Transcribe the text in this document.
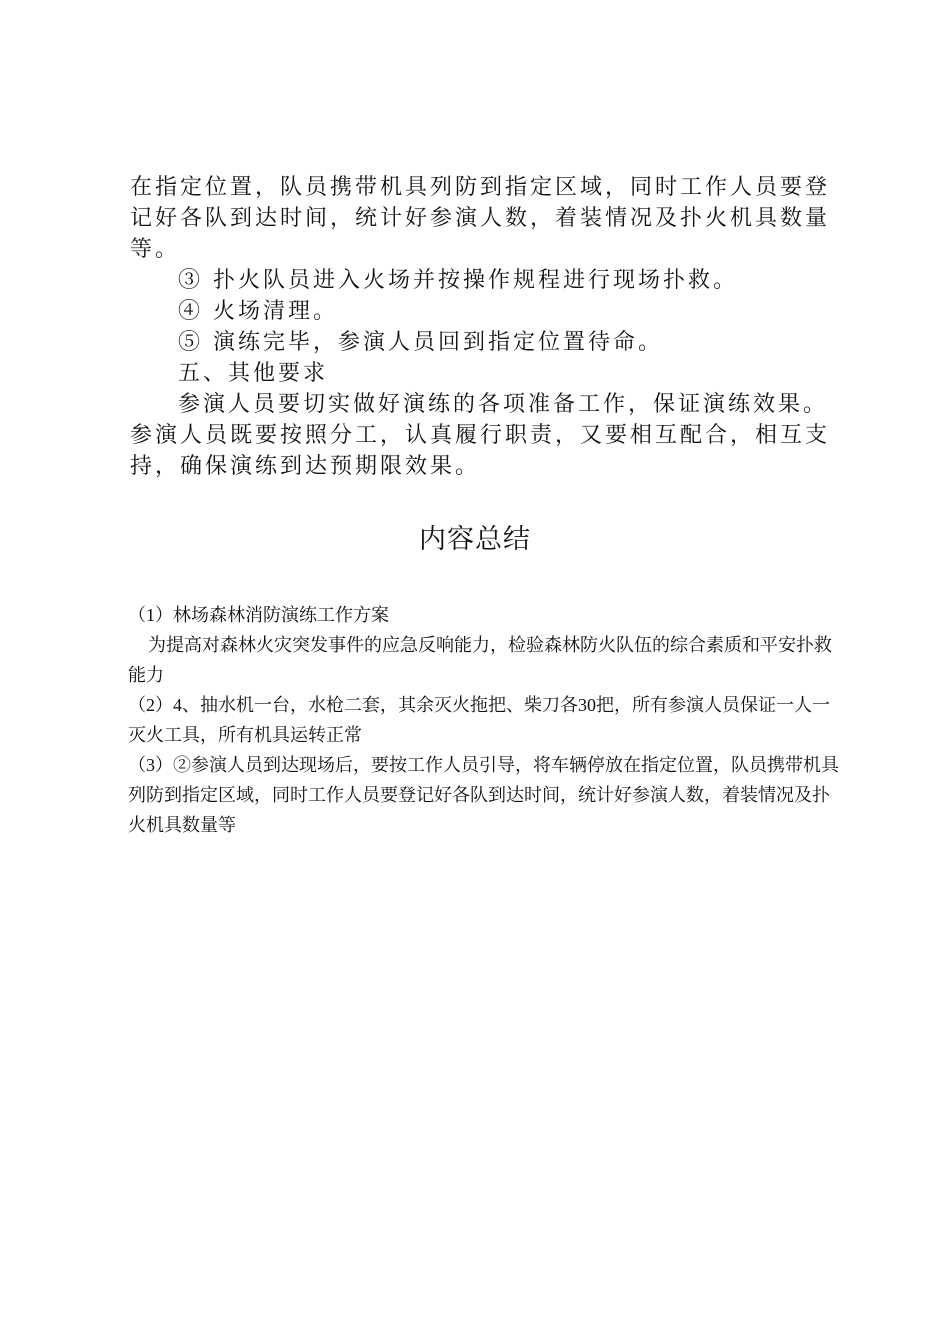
在指定位置，队员携带机具列防到指定区域，同时工作人员要登记好各队到达时间，统计好参演人数，着装情况及扑火机具数量等。

③ 扑火队员进入火场并按操作规程进行现场扑救。

④ 火场清理。

⑤ 演练完毕，参演人员回到指定位置待命。

五、其他要求

参演人员要切实做好演练的各项准备工作，保证演练效果。参演人员既要按照分工，认真履行职责，又要相互配合，相互支持，确保演练到达预期限效果。

内容总结

（1）林场森林消防演练工作方案

为提高对森林火灾突发事件的应急反响能力，检验森林防火队伍的综合素质和平安扑救能力

（2）4、抽水机一台，水枪二套，其余灭火拖把、柴刀各30把，所有参演人员保证一人一灭火工具，所有机具运转正常

（3）②参演人员到达现场后，要按工作人员引导，将车辆停放在指定位置，队员携带机具列防到指定区域，同时工作人员要登记好各队到达时间，统计好参演人数，着装情况及扑火机具数量等
